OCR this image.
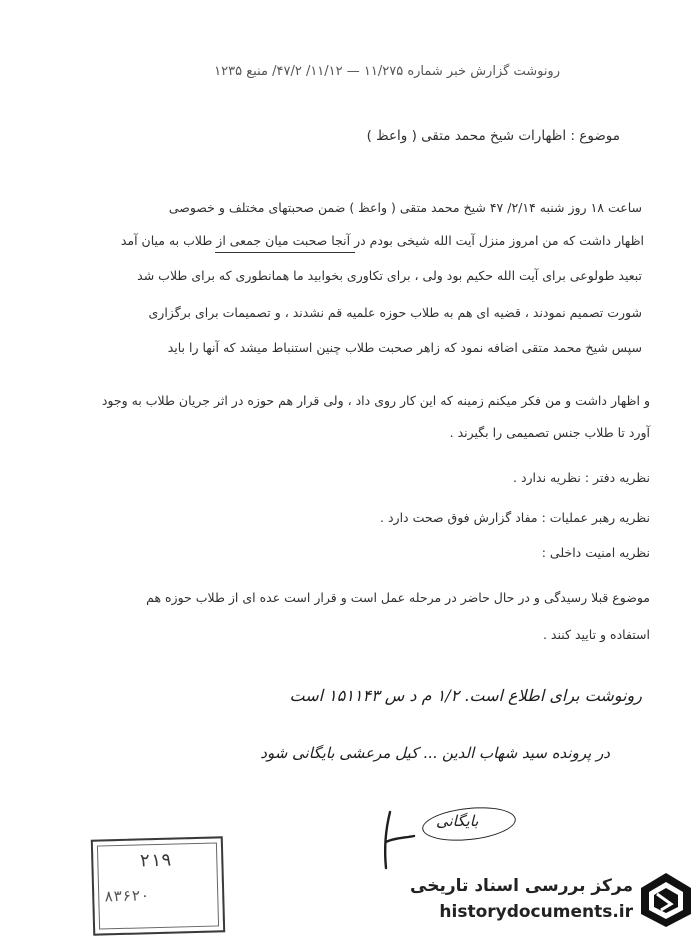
رونوشت گزارش خبر شماره ۱۱/۲۷۵ — ۱۱/۱۲/ ۴۷/۲/ منبع ۱۲۳۵
موضوع : اظهارات شیخ محمد متقی ( واعظ )
ساعت ۱۸ روز شنبه ۲/۱۴/ ۴۷ شیخ محمد متقی ( واعظ ) ضمن صحبتهای مختلف و خصوصی
اظهار داشت که من امروز منزل آیت الله شیخی بودم در آنجا صحبت میان جمعی از طلاب به میان آمد
تبعید طولوعی برای آیت الله حکیم بود ولی ، برای تکاوری بخوابید ما همانطوری که برای طلاب شد
شورت تصمیم نمودند ، قضیه ای هم به طلاب حوزه علمیه قم نشدند ، و تصمیمات برای برگزاری
سپس شیخ محمد متقی اضافه نمود که زاهر صحبت طلاب چنین استنباط میشد که آنها را باید
و اظهار داشت و من فکر میکنم زمینه که این کار روی داد ، ولی قرار هم حوزه در اثر جریان طلاب به وجود
آورد تا طلاب جنس تصمیمی را بگیرند .
نظریه دفتر : نظریه ندارد .
نظریه رهبر عملیات : مفاد گزارش فوق صحت دارد .
نظریه امنیت داخلی :
موضوع قبلا رسیدگی و در حال حاضر در مرحله عمل است و قرار است عده ای از طلاب حوزه هم
استفاده و تایید کنند .
رونوشت برای اطلاع است. ۱/۲ م د س ۱۵۱۱۴۳ است
در پرونده سید شهاب الدین ... کیل مرعشی بایگانی شود
بایگانی
۲۱۹
۸۳۶۲۰	مرکز بررسی اسناد تاریخی
historydocuments.ir
